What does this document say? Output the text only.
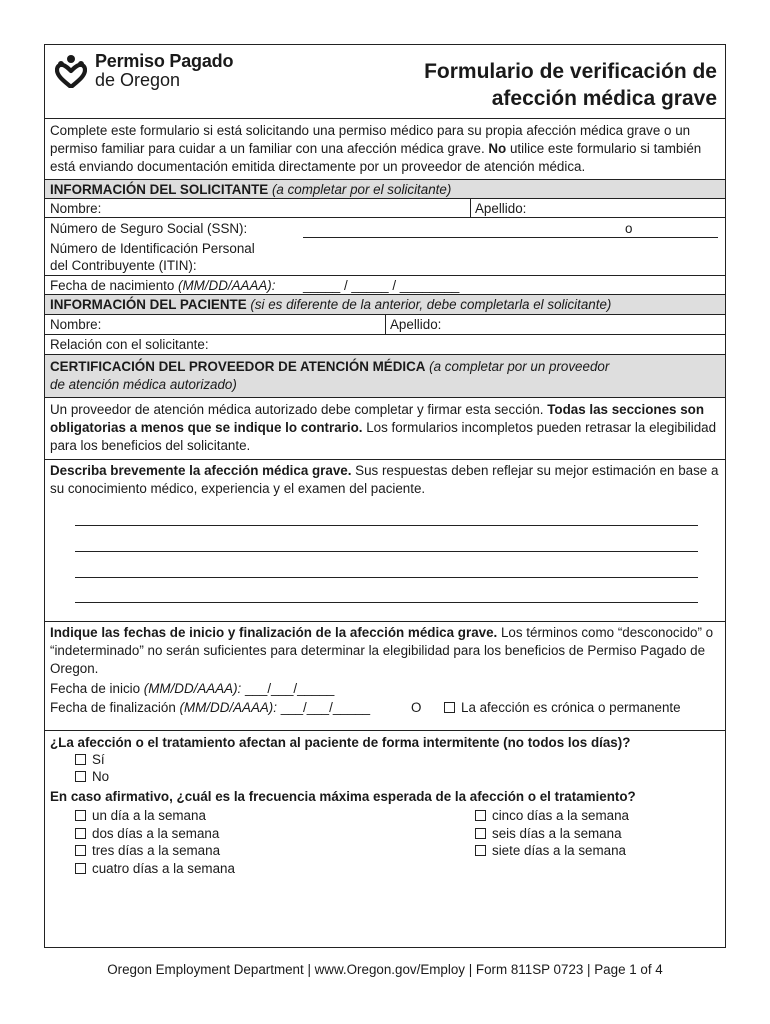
Permiso Pagado
de Oregon	Formulario de verificación de
afección médica grave
Complete este formulario si está solicitando una permiso médico para su propia afección médica grave o un permiso familiar para cuidar a un familiar con una afección médica grave. No utilice este formulario si también está enviando documentación emitida directamente por un proveedor de atención médica.
INFORMACIÓN DEL SOLICITANTE (a completar por el solicitante)
Nombre:	Apellido:
Número de Seguro Social (SSN):	o
Número de Identificación Personal
del Contribuyente (ITIN):
Fecha de nacimiento (MM/DD/AAAA): _____ / _____ / ________
INFORMACIÓN DEL PACIENTE (si es diferente de la anterior, debe completarla el solicitante)
Nombre:	Apellido:
Relación con el solicitante:
CERTIFICACIÓN DEL PROVEEDOR DE ATENCIÓN MÉDICA (a completar por un proveedor
de atención médica autorizado)
Un proveedor de atención médica autorizado debe completar y firmar esta sección. Todas las secciones son obligatorias a menos que se indique lo contrario. Los formularios incompletos pueden retrasar la elegibilidad para los beneficios del solicitante.
Describa brevemente la afección médica grave. Sus respuestas deben reflejar su mejor estimación en base a su conocimiento médico, experiencia y el examen del paciente.
Indique las fechas de inicio y finalización de la afección médica grave. Los términos como “desconocido” o “indeterminado” no serán suficientes para determinar la elegibilidad para los beneficios de Permiso Pagado de Oregon.
Fecha de inicio (MM/DD/AAAA): ___/___/_____
Fecha de finalización (MM/DD/AAAA): ___/___/_____	O	La afección es crónica o permanente
¿La afección o el tratamiento afectan al paciente de forma intermitente (no todos los días)?
Sí
No
En caso afirmativo, ¿cuál es la frecuencia máxima esperada de la afección o el tratamiento?
un día a la semana
dos días a la semana
tres días a la semana
cuatro días a la semana
cinco días a la semana
seis días a la semana
siete días a la semana
Oregon Employment Department | www.Oregon.gov/Employ | Form 811SP 0723 | Page 1 of 4
